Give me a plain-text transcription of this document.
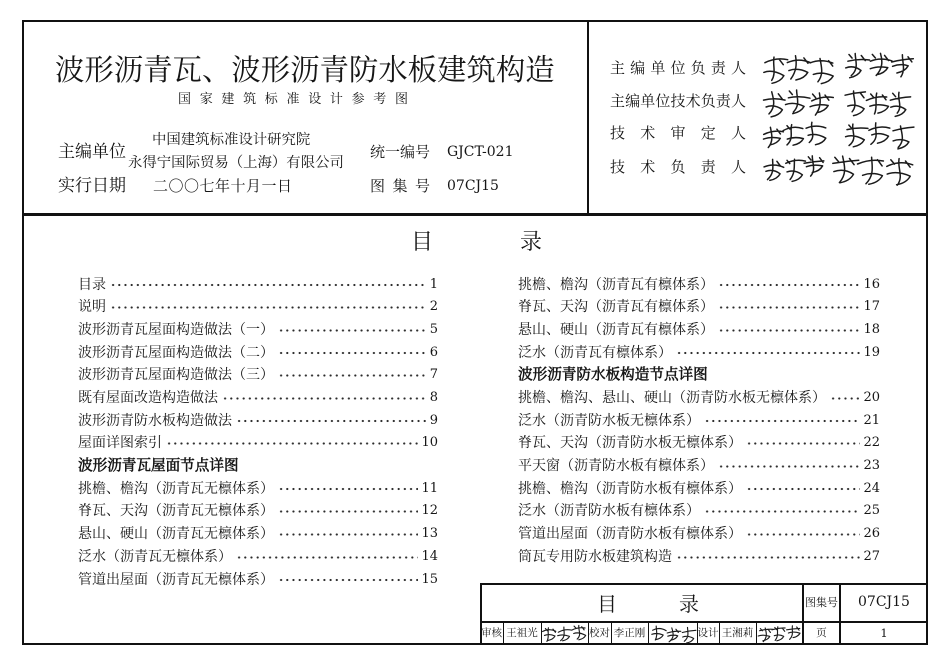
波形沥青瓦、波形沥青防水板建筑构造
国家建筑标准设计参考图
主编单位
中国建筑标准设计研究院
永得宁国际贸易（上海）有限公司
统一编号 GJCT-021
实行日期 二〇〇七年十月一日	图集号 07CJ15
主编单位负责人
主编单位技术负责人
技术审定人
技术负责人
目录
目录	1
说明	2
波形沥青瓦屋面构造做法（一）	5
波形沥青瓦屋面构造做法（二）	6
波形沥青瓦屋面构造做法（三）	7
既有屋面改造构造做法	8
波形沥青防水板构造做法	9
屋面详图索引	10
波形沥青瓦屋面节点详图
挑檐、檐沟（沥青瓦无檩体系）	11
脊瓦、天沟（沥青瓦无檩体系）	12
悬山、硬山（沥青瓦无檩体系）	13
泛水（沥青瓦无檩体系）	14
管道出屋面（沥青瓦无檩体系）	15
挑檐、檐沟（沥青瓦有檩体系）	16
脊瓦、天沟（沥青瓦有檩体系）	17
悬山、硬山（沥青瓦有檩体系）	18
泛水（沥青瓦有檩体系）	19
波形沥青防水板构造节点详图
挑檐、檐沟、悬山、硬山（沥青防水板无檩体系）	20
泛水（沥青防水板无檩体系）	21
脊瓦、天沟（沥青防水板无檩体系）	22
平天窗（沥青防水板有檩体系）	23
挑檐、檐沟（沥青防水板有檩体系）	24
泛水（沥青防水板有檩体系）	25
管道出屋面（沥青防水板有檩体系）	26
筒瓦专用防水板建筑构造	27
目录	图集号	07CJ15
审核 王祖光	校对 李正刚	设计 王湘莉	页	1
